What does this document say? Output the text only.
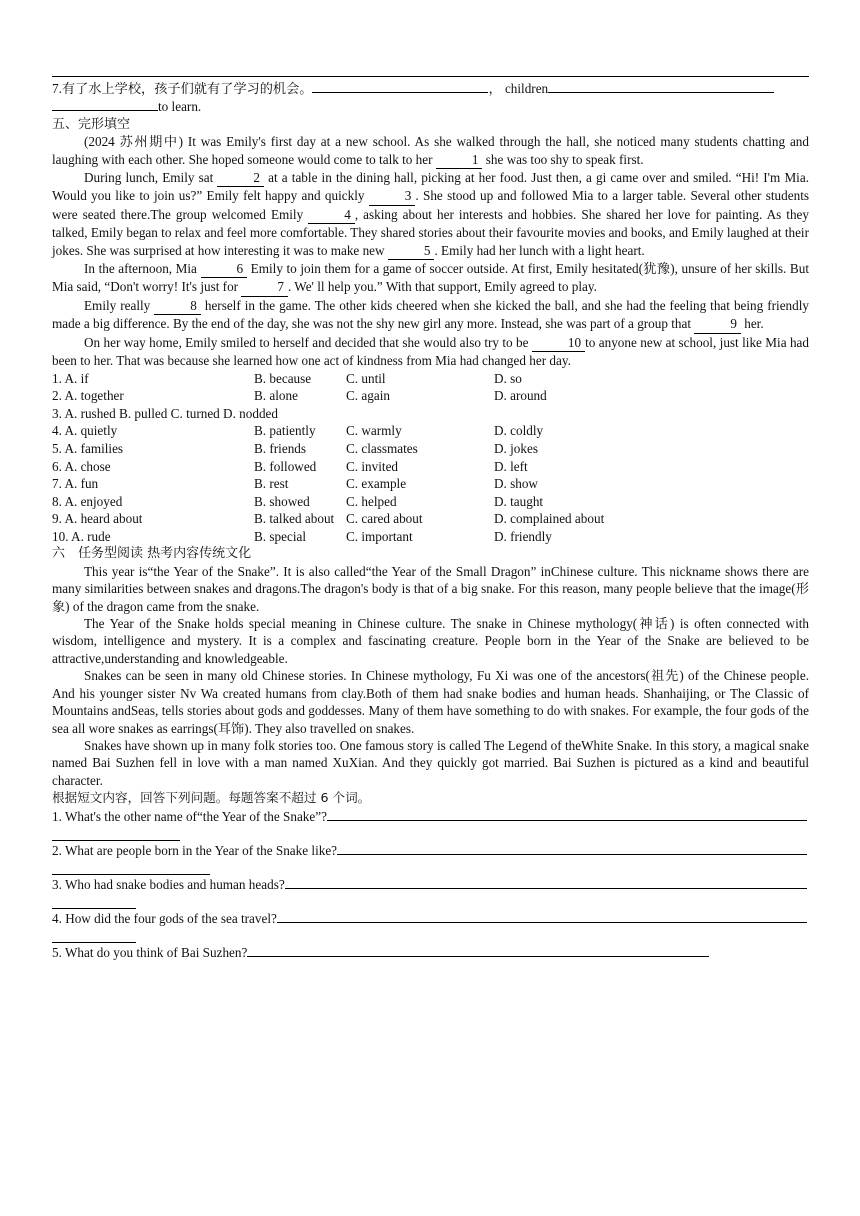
7.有了水上学校，孩子们就有了学习的机会。	， children

to learn.

五、完形填空

(2024 苏州期中) It was Emily's first day at a new school. As she walked through the hall, she noticed many students chatting and laughing with each other. She hoped someone would come to talk to her	1 she was too shy to speak first.

During lunch, Emily sat	2 at a table in the dining hall, picking at her food. Just then, a gi came over and smiled. “Hi! I'm Mia. Would you like to join us?” Emily felt happy and quickly	3 . She stood up and followed Mia to a larger table. Several other students were seated there.The group welcomed Emily	4 , asking about her interests and hobbies. She shared her love for painting. As they talked, Emily began to relax and feel more comfortable. They shared stories about their favourite movies and books, and Emily laughed at their jokes. She was surprised at how interesting it was to make new	5 . Emily had her lunch with a light heart.

In the afternoon, Mia	6 Emily to join them for a game of soccer outside. At first, Emily hesitated(犹豫), unsure of her skills. But Mia said, “Don't worry! It's just for	7 . We' ll help you.” With that support, Emily agreed to play.

Emily really	8 herself in the game. The other kids cheered when she kicked the ball, and she had the feeling that being friendly made a big difference. By the end of the day, she was not the shy new girl any more. Instead, she was part of a group that	9 her.

On her way home, Emily smiled to herself and decided that she would also try to be	10 to anyone new at school, just like Mia had been to her. That was because she learned how one act of kindness from Mia had changed her day.

1. A. if	B. because	C. until	D. so
2. A. together	B. alone	C. again	D. around
3. A. rushed B. pulled C. turned D. nodded			
4. A. quietly	B. patiently	C. warmly	D. coldly
5. A. families	B. friends	C. classmates	D. jokes
6. A. chose	B. followed	C. invited	D. left
7. A. fun	B. rest	C. example	D. show
8. A. enjoyed	B. showed	C. helped	D. taught
9. A. heard about	B. talked about	C. cared about	D. complained about
10. A. rude	B. special	C. important	D. friendly
六　任务型阅读 热考内容传统文化

This year is“the Year of the Snake”. It is also called“the Year of the Small Dragon” inChinese culture. This nickname shows there are many similarities between snakes and dragons.The dragon's body is that of a big snake. For this reason, many people believe that the image(形象) of the dragon came from the snake.

The Year of the Snake holds special meaning in Chinese culture. The snake in Chinese mythology(神话) is often connected with wisdom, intelligence and mystery. It is a complex and fascinating creature. People born in the Year of the Snake are believed to be attractive,understanding and knowledgeable.

Snakes can be seen in many old Chinese stories. In Chinese mythology, Fu Xi was one of the ancestors(祖先) of the Chinese people. And his younger sister Nv Wa created humans from clay.Both of them had snake bodies and human heads. Shanhaijing, or The Classic of Mountains andSeas, tells stories about gods and goddesses. Many of them have something to do with snakes. For example, the four gods of the sea all wore snakes as earrings(耳饰). They also travelled on snakes.

Snakes have shown up in many folk stories too. One famous story is called The Legend of theWhite Snake. In this story, a magical snake named Bai Suzhen fell in love with a man named XuXian. And they quickly got married. Bai Suzhen is pictured as a kind and beautiful character.

根据短文内容，回答下列问题。每题答案不超过 6 个词。
1. What's the other name of“the Year of the Snake”?
2. What are people born in the Year of the Snake like?
3. Who had snake bodies and human heads?
4. How did the four gods of the sea travel?
5. What do you think of Bai Suzhen?
